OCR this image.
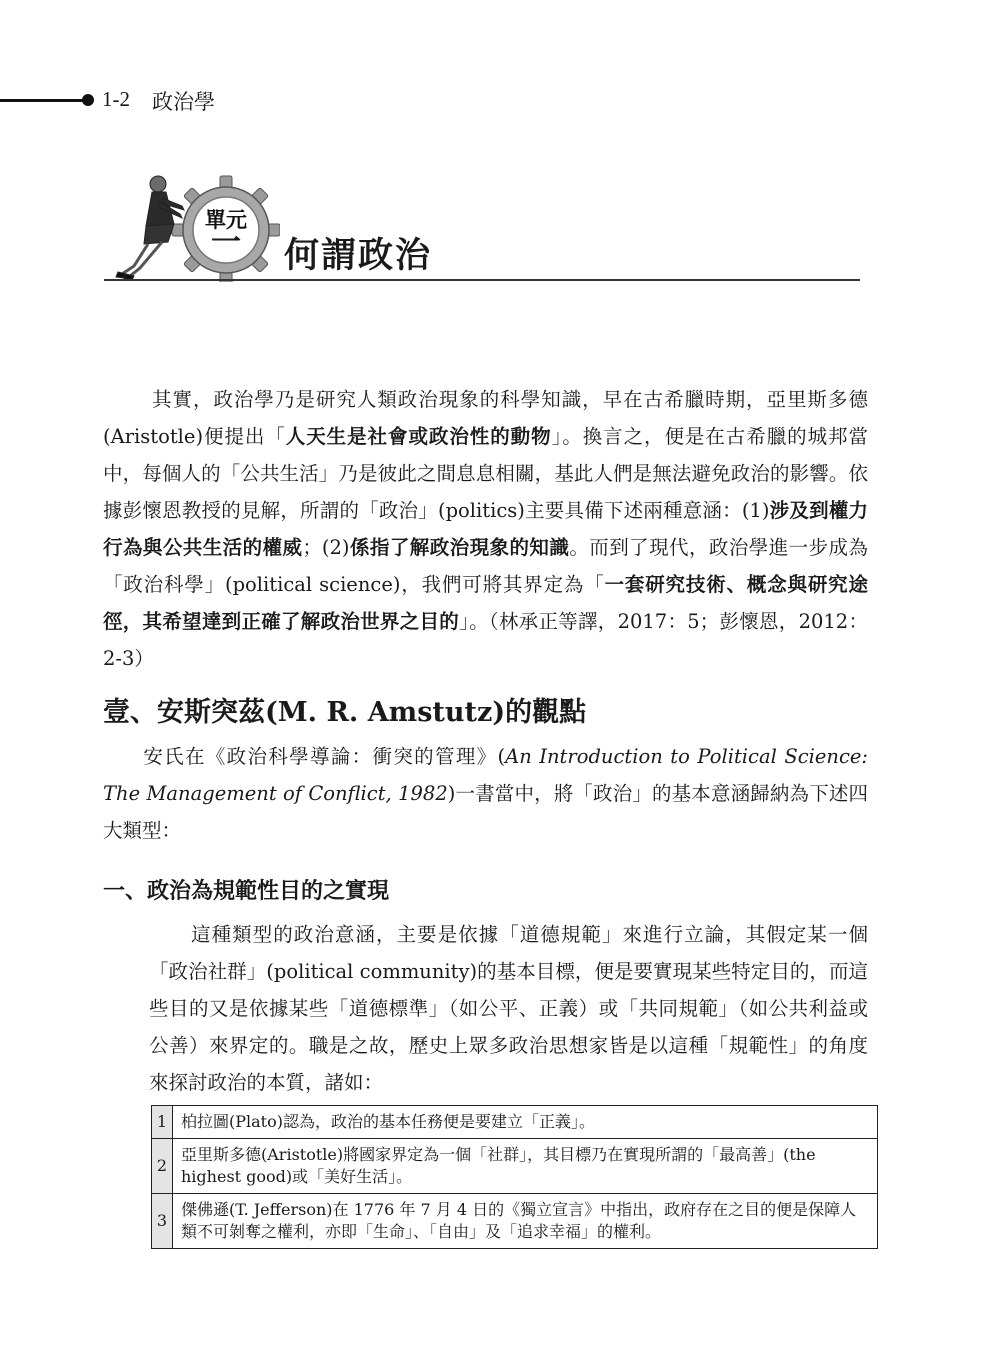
1-2 政治學
單元
一	何謂政治
其實，政治學乃是研究人類政治現象的科學知識，早在古希臘時期，亞里斯多德(Aristotle)便提出「人天生是社會或政治性的動物」。換言之，便是在古希臘的城邦當中，每個人的「公共生活」乃是彼此之間息息相關，基此人們是無法避免政治的影響。依據彭懷恩教授的見解，所謂的「政治」(politics)主要具備下述兩種意涵：(1)涉及到權力行為與公共生活的權威；(2)係指了解政治現象的知識。而到了現代，政治學進一步成為「政治科學」(political science)，我們可將其界定為「一套研究技術、概念與研究途徑，其希望達到正確了解政治世界之目的」。（林承正等譯，2017：5；彭懷恩，2012：2-3）
壹、安斯突茲(M. R. Amstutz)的觀點
安氏在《政治科學導論：衝突的管理》(An Introduction to Political Science: The Management of Conflict, 1982)一書當中，將「政治」的基本意涵歸納為下述四大類型：
一、政治為規範性目的之實現
這種類型的政治意涵，主要是依據「道德規範」來進行立論，其假定某一個「政治社群」(political community)的基本目標，便是要實現某些特定目的，而這些目的又是依據某些「道德標準」（如公平、正義）或「共同規範」（如公共利益或公善）來界定的。職是之故，歷史上眾多政治思想家皆是以這種「規範性」的角度來探討政治的本質，諸如：
1	柏拉圖(Plato)認為，政治的基本任務便是要建立「正義」。
2	亞里斯多德(Aristotle)將國家界定為一個「社群」，其目標乃在實現所謂的「最高善」(the highest good)或「美好生活」。
3	傑佛遜(T. Jefferson)在 1776 年 7 月 4 日的《獨立宣言》中指出，政府存在之目的便是保障人類不可剝奪之權利，亦即「生命」、「自由」及「追求幸福」的權利。
